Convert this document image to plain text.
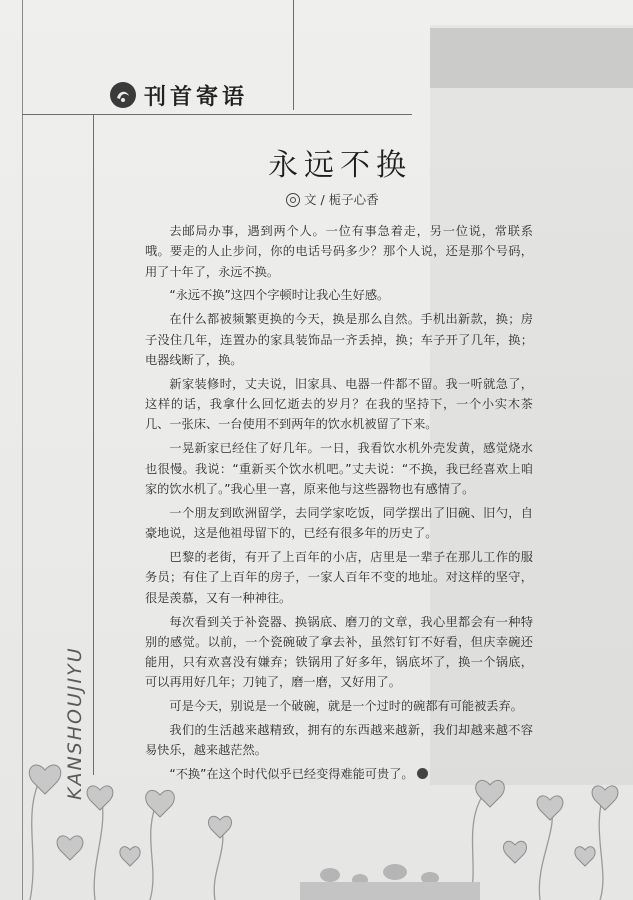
刊首寄语
永远不换
文 / 栀子心香

去邮局办事，遇到两个人。一位有事急着走，另一位说，常联系哦。要走的人止步问，你的电话号码多少？那个人说，还是那个号码，用了十年了，永远不换。

“永远不换”这四个字顿时让我心生好感。

在什么都被频繁更换的今天，换是那么自然。手机出新款，换；房子没住几年，连置办的家具装饰品一齐丢掉，换；车子开了几年，换；电器线断了，换。

新家装修时，丈夫说，旧家具、电器一件都不留。我一听就急了，这样的话，我拿什么回忆逝去的岁月？在我的坚持下，一个小实木茶几、一张床、一台使用不到两年的饮水机被留了下来。

一晃新家已经住了好几年。一日，我看饮水机外壳发黄，感觉烧水也很慢。我说：“重新买个饮水机吧。”丈夫说：“不换，我已经喜欢上咱家的饮水机了。”我心里一喜，原来他与这些器物也有感情了。

一个朋友到欧洲留学，去同学家吃饭，同学摆出了旧碗、旧勺，自豪地说，这是他祖母留下的，已经有很多年的历史了。

巴黎的老街，有开了上百年的小店，店里是一辈子在那儿工作的服务员；有住了上百年的房子，一家人百年不变的地址。对这样的坚守，很是羡慕，又有一种神往。

每次看到关于补瓷器、换锅底、磨刀的文章，我心里都会有一种特别的感觉。以前，一个瓷碗破了拿去补，虽然钉钉不好看，但庆幸碗还能用，只有欢喜没有嫌弃；铁锅用了好多年，锅底坏了，换一个锅底，可以再用好几年；刀钝了，磨一磨，又好用了。

可是今天，别说是一个破碗，就是一个过时的碗都有可能被丢弃。

我们的生活越来越精致，拥有的东西越来越新，我们却越来越不容易快乐，越来越茫然。

“不换”在这个时代似乎已经变得难能可贵了。

KANSHOUJIYU
